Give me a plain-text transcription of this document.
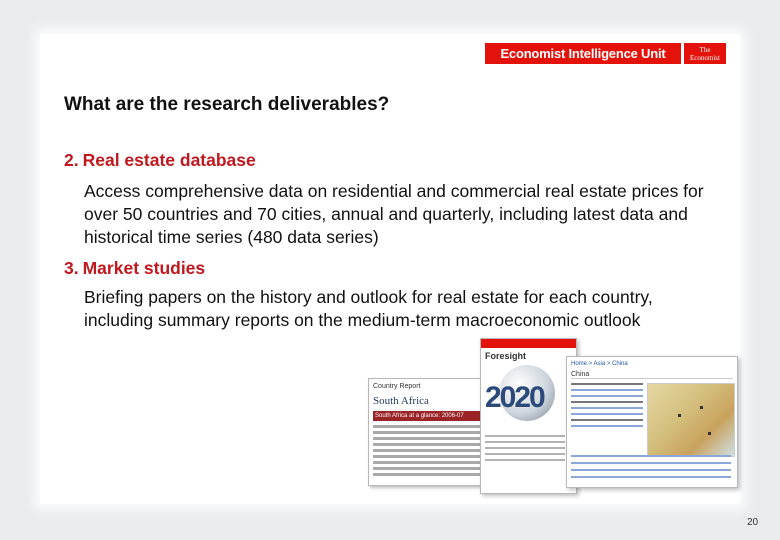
Economist Intelligence Unit	The Economist
What are the research deliverables?
2. Real estate database
Access comprehensive data on residential and commercial real estate prices for over 50 countries and 70 cities, annual and quarterly, including latest data and historical time series (480 data series)
3. Market studies
Briefing papers on the history and outlook for real estate for each country, including summary reports on the medium-term macroeconomic outlook
Country Report
South Africa
South Africa at a glance: 2006-07
Foresight
2020
Home > Asia > China
China
20
